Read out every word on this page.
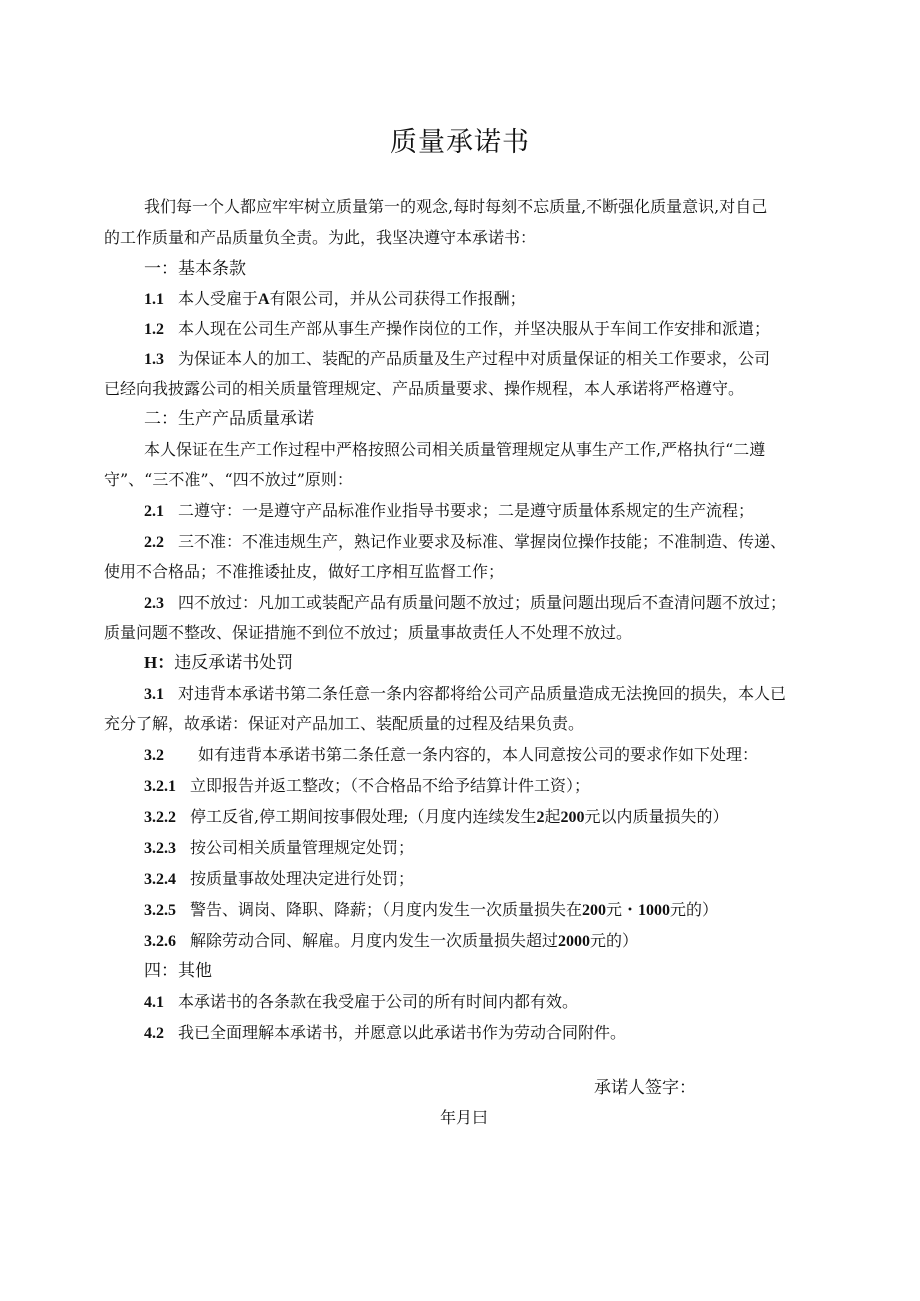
质量承诺书
我们每一个人都应牢牢树立质量第一的观念,每时每刻不忘质量,不断强化质量意识,对自己
的工作质量和产品质量负全责。为此，我坚决遵守本承诺书：
一：基本条款
1.1 本人受雇于A有限公司，并从公司获得工作报酬；
1.2 本人现在公司生产部从事生产操作岗位的工作，并坚决服从于车间工作安排和派遣；
1.3 为保证本人的加工、装配的产品质量及生产过程中对质量保证的相关工作要求，公司
已经向我披露公司的相关质量管理规定、产品质量要求、操作规程，本人承诺将严格遵守。
二：生产产品质量承诺
本人保证在生产工作过程中严格按照公司相关质量管理规定从事生产工作,严格执行“二遵
守”、“三不准”、“四不放过”原则：
2.1 二遵守：一是遵守产品标准作业指导书要求；二是遵守质量体系规定的生产流程；
2.2 三不准：不准违规生产，熟记作业要求及标准、掌握岗位操作技能；不准制造、传递、
使用不合格品；不准推诿扯皮，做好工序相互监督工作；
2.3 四不放过：凡加工或装配产品有质量问题不放过；质量问题出现后不查清问题不放过；
质量问题不整改、保证措施不到位不放过；质量事故责任人不处理不放过。
H：违反承诺书处罚
3.1 对违背本承诺书第二条任意一条内容都将给公司产品质量造成无法挽回的损失，本人已
充分了解，故承诺：保证对产品加工、装配质量的过程及结果负责。
3.2 如有违背本承诺书第二条任意一条内容的，本人同意按公司的要求作如下处理：
3.2.1 立即报告并返工整改；（不合格品不给予结算计件工资）；
3.2.2 停工反省,停工期间按事假处理;（月度内连续发生2起200元以内质量损失的）
3.2.3 按公司相关质量管理规定处罚；
3.2.4 按质量事故处理决定进行处罚；
3.2.5 警告、调岗、降职、降薪；（月度内发生一次质量损失在200元・1000元的）
3.2.6 解除劳动合同、解雇。月度内发生一次质量损失超过2000元的）
四：其他
4.1 本承诺书的各条款在我受雇于公司的所有时间内都有效。
4.2 我已全面理解本承诺书，并愿意以此承诺书作为劳动合同附件。
承诺人签字：
年月曰
